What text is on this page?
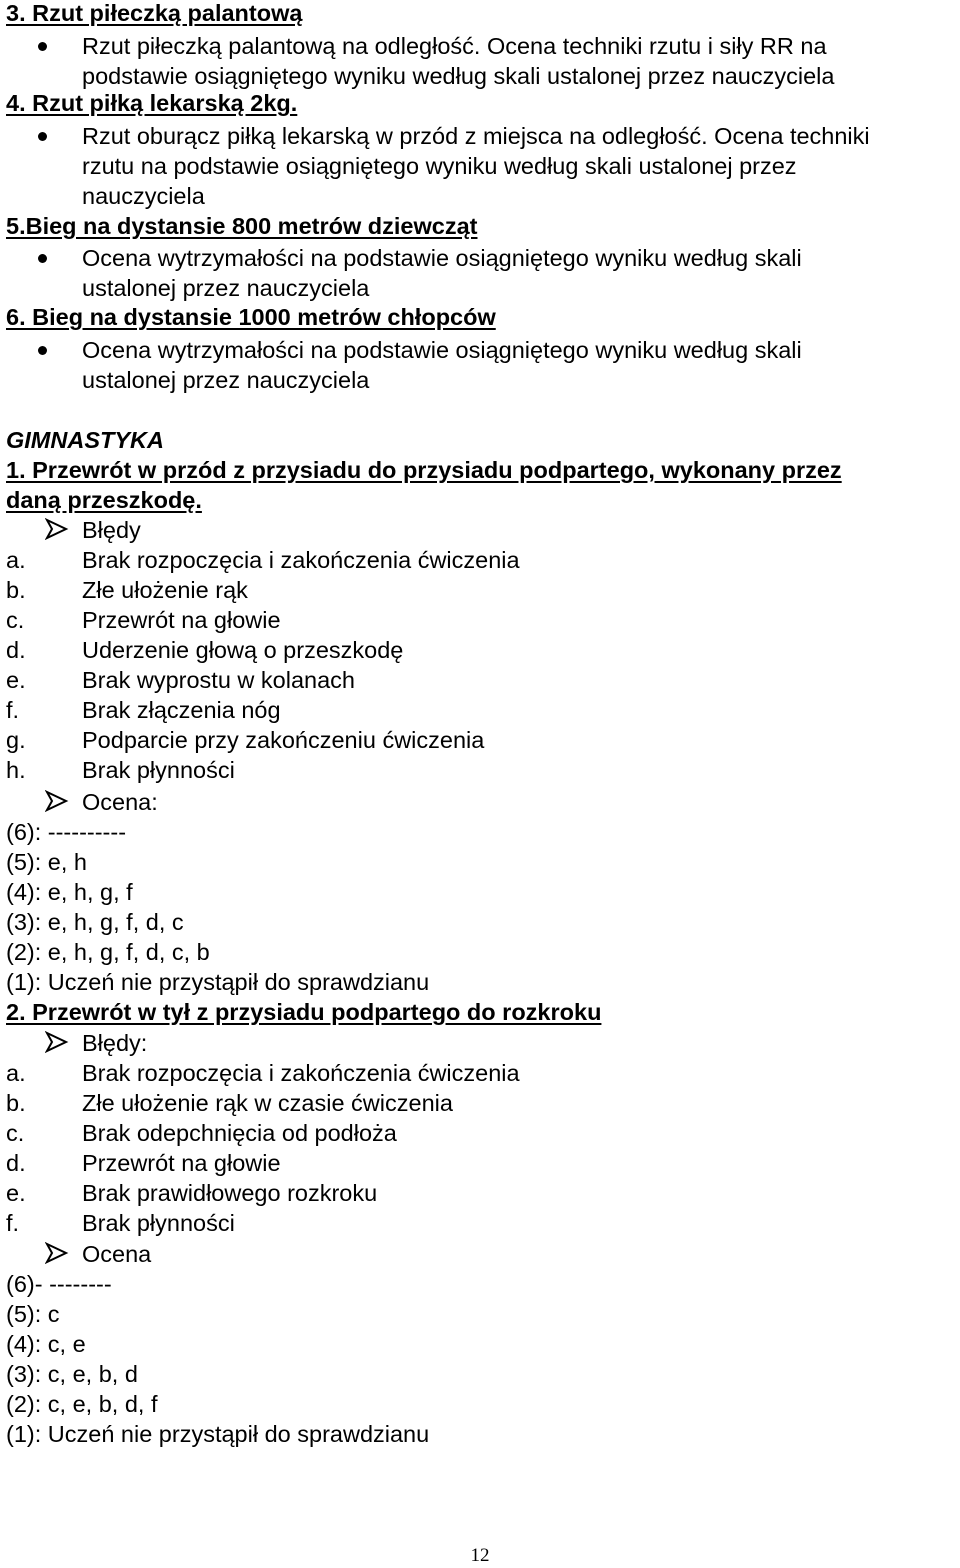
3. Rzut piłeczką palantową
Rzut piłeczką palantową na odległość. Ocena techniki rzutu i siły RR na
podstawie osiągniętego wyniku według skali ustalonej przez nauczyciela
4. Rzut piłką lekarską 2kg.
Rzut oburącz piłką lekarską w przód z miejsca na odległość. Ocena techniki
rzutu na podstawie osiągniętego wyniku według skali ustalonej przez
nauczyciela
5.Bieg na dystansie 800 metrów dziewcząt
Ocena wytrzymałości na podstawie osiągniętego wyniku według skali
ustalonej przez nauczyciela
6. Bieg na dystansie 1000 metrów chłopców
Ocena wytrzymałości na podstawie osiągniętego wyniku według skali
ustalonej przez nauczyciela
GIMNASTYKA
1. Przewrót w przód z przysiadu do przysiadu podpartego, wykonany przez
daną przeszkodę.
Błędy
a. Brak rozpoczęcia i zakończenia ćwiczenia
b. Złe ułożenie rąk
c. Przewrót na głowie
d. Uderzenie głową o przeszkodę
e. Brak wyprostu w kolanach
f.	Brak złączenia nóg
g. Podparcie przy zakończeniu ćwiczenia
h. Brak płynności
Ocena:
(6): ----------
(5): e, h
(4): e, h, g, f
(3): e, h, g, f, d, c
(2): e, h, g, f, d, c, b
(1): Uczeń nie przystąpił do sprawdzianu
2. Przewrót w tył z przysiadu podpartego do rozkroku
Błędy:
a. Brak rozpoczęcia i zakończenia ćwiczenia
b. Złe ułożenie rąk w czasie ćwiczenia
c. Brak odepchnięcia od podłoża
d. Przewrót na głowie
e. Brak prawidłowego rozkroku
f.	Brak płynności
Ocena
(6)- --------
(5): c
(4): c, e
(3): c, e, b, d
(2): c, e, b, d, f
(1): Uczeń nie przystąpił do sprawdzianu
12
